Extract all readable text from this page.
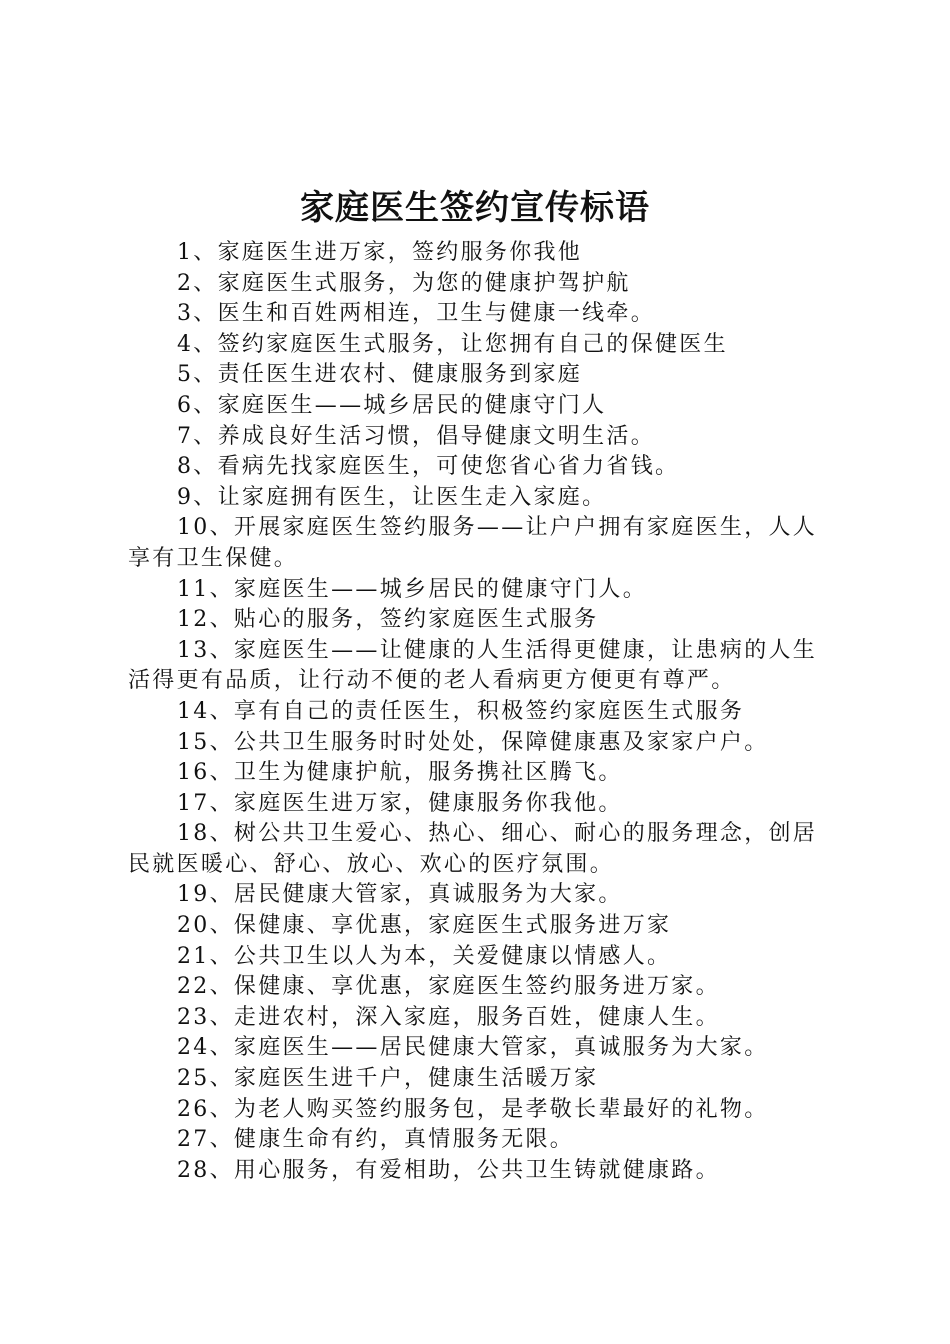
家庭医生签约宣传标语
1、家庭医生进万家，签约服务你我他
2、家庭医生式服务，为您的健康护驾护航
3、医生和百姓两相连，卫生与健康一线牵。
4、签约家庭医生式服务，让您拥有自己的保健医生
5、责任医生进农村、健康服务到家庭
6、家庭医生——城乡居民的健康守门人
7、养成良好生活习惯，倡导健康文明生活。
8、看病先找家庭医生，可使您省心省力省钱。
9、让家庭拥有医生，让医生走入家庭。
10、开展家庭医生签约服务——让户户拥有家庭医生，人人享有卫生保健。
11、家庭医生——城乡居民的健康守门人。
12、贴心的服务，签约家庭医生式服务
13、家庭医生——让健康的人生活得更健康，让患病的人生活得更有品质，让行动不便的老人看病更方便更有尊严。
14、享有自己的责任医生，积极签约家庭医生式服务
15、公共卫生服务时时处处，保障健康惠及家家户户。
16、卫生为健康护航，服务携社区腾飞。
17、家庭医生进万家，健康服务你我他。
18、树公共卫生爱心、热心、细心、耐心的服务理念，创居民就医暖心、舒心、放心、欢心的医疗氛围。
19、居民健康大管家，真诚服务为大家。
20、保健康、享优惠，家庭医生式服务进万家
21、公共卫生以人为本，关爱健康以情感人。
22、保健康、享优惠，家庭医生签约服务进万家。
23、走进农村，深入家庭，服务百姓，健康人生。
24、家庭医生——居民健康大管家，真诚服务为大家。
25、家庭医生进千户，健康生活暖万家
26、为老人购买签约服务包，是孝敬长辈最好的礼物。
27、健康生命有约，真情服务无限。
28、用心服务，有爱相助，公共卫生铸就健康路。
